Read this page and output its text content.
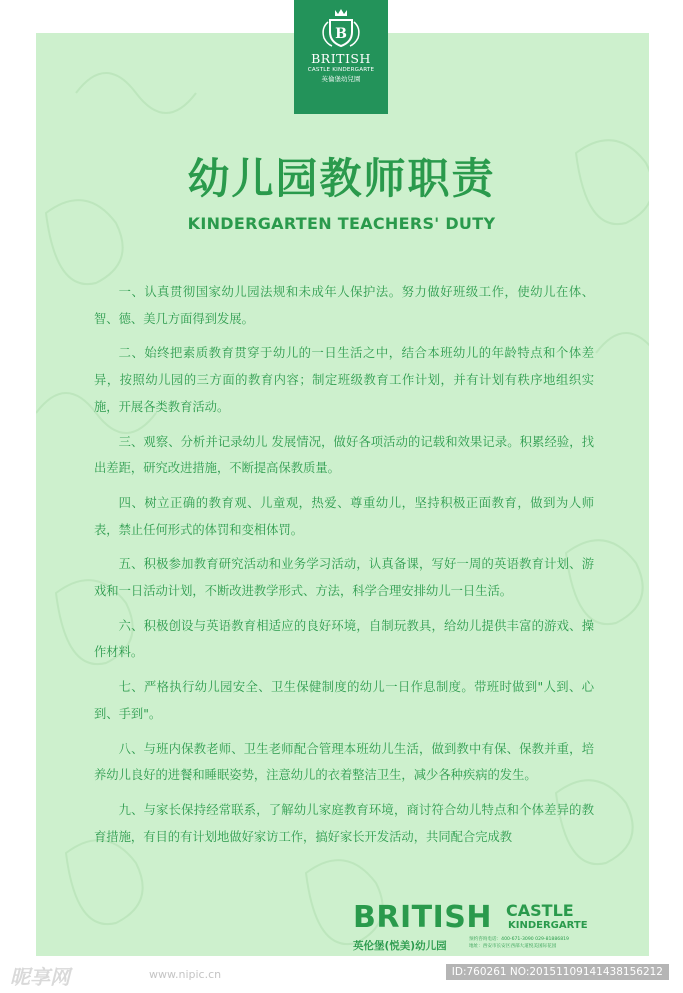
B
BRITISH
CASTLE KINDERGARTE
英倫堡幼兒園
幼儿园教师职责
KINDERGARTEN TEACHERS' DUTY

一、认真贯彻国家幼儿园法规和未成年人保护法。努力做好班级工作，使幼儿在体、智、德、美几方面得到发展。

二、始终把素质教育贯穿于幼儿的一日生活之中，结合本班幼儿的年龄特点和个体差异，按照幼儿园的三方面的教育内容；制定班级教育工作计划，并有计划有秩序地组织实施，开展各类教育活动。

三、观察、分析并记录幼儿 发展情况，做好各项活动的记载和效果记录。积累经验，找出差距，研究改进措施，不断提高保教质量。

四、树立正确的教育观、儿童观，热爱、尊重幼儿，坚持积极正面教育，做到为人师表，禁止任何形式的体罚和变相体罚。

五、积极参加教育研究活动和业务学习活动，认真备课，写好一周的英语教育计划、游戏和一日活动计划，不断改进教学形式、方法，科学合理安排幼儿一日生活。

六、积极创设与英语教育相适应的良好环境，自制玩教具，给幼儿提供丰富的游戏、操作材料。

七、严格执行幼儿园安全、卫生保健制度的幼儿一日作息制度。带班时做到"人到、心到、手到"。

八、与班内保教老师、卫生老师配合管理本班幼儿生活，做到教中有保、保教并重，培养幼儿良好的进餐和睡眠姿势，注意幼儿的衣着整洁卫生，减少各种疾病的发生。

九、与家长保持经常联系，了解幼儿家庭教育环境，商讨符合幼儿特点和个体差异的教育措施，有目的有计划地做好家访工作，搞好家长开发活动，共同配合完成教

BRITISH CASTLE
KINDERGARTE
英伦堡(悦美)幼儿园
预约咨询电话：400-671-3090 029-81886819
地址：西安市长安区西部大道悦美国际花园
昵享网	www.nipic.cn	ID:760261 NO:20151109141438156212
